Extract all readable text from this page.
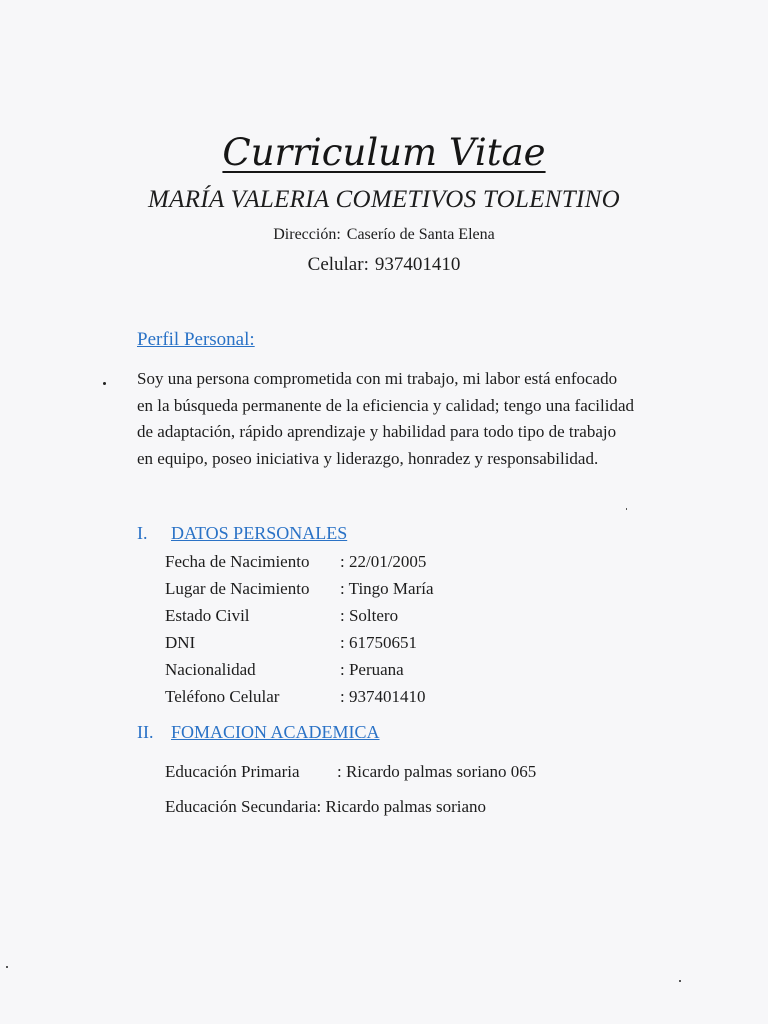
Curriculum Vitae
MARÍA VALERIA COMETIVOS TOLENTINO
Dirección: Caserío de Santa Elena
Celular: 937401410
Perfil Personal:
Soy una persona comprometida con mi trabajo, mi labor está enfocado
en la búsqueda permanente de la eficiencia y calidad; tengo una facilidad
de adaptación, rápido aprendizaje y habilidad para todo tipo de trabajo
en equipo, poseo iniciativa y liderazgo, honradez y responsabilidad.
I. DATOS PERSONALES
Fecha de Nacimiento : 22/01/2005
Lugar de Nacimiento : Tingo María
Estado Civil	: Soltero
DNI	: 61750651
Nacionalidad	: Peruana
Teléfono Celular	: 937401410
II. FOMACION ACADEMICA
Educación Primaria : Ricardo palmas soriano 065
Educación Secundaria: Ricardo palmas soriano
